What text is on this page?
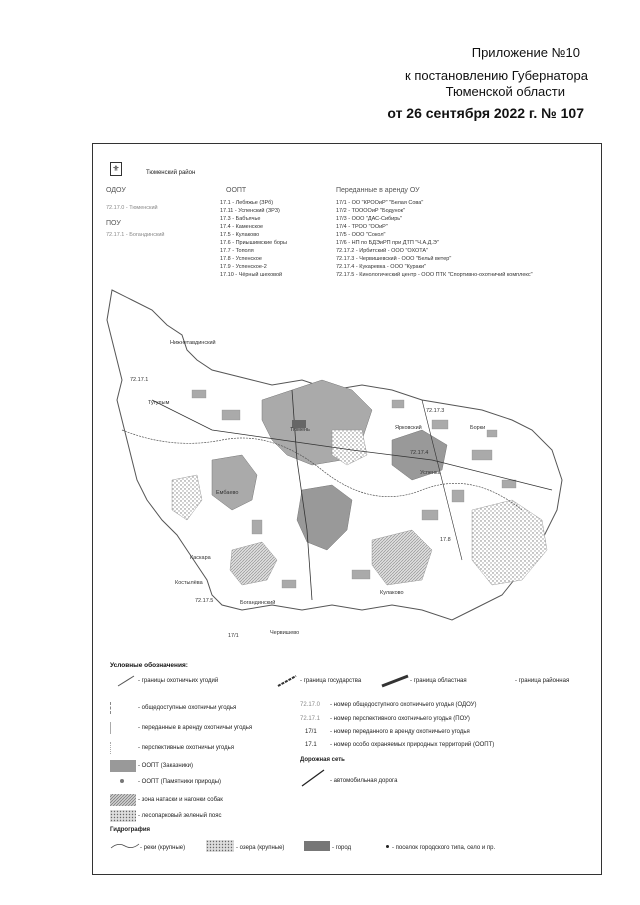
Приложение №10
к постановлению Губернатора
Тюменской области
от 26 сентября 2022 г. № 107
⚜	Тюменский район
ОДОУ
72.17.0 - Тюменский
ПОУ
72.17.1 - Богандинский
ООПТ
17.1 - Лебяжье (ЗРб)
17.11 - Успенский (ЗРЗ)
17.3 - Бабъячье
17.4 - Каменское
17.5 - Кулаково
17.6 - Приышимские боры
17.7 - Тополя
17.8 - Успенское
17.9 - Успенское-2
17.10 - Чёрный шеховой
Переданные в аренду ОУ
17/1 - ОО "КРООиР" "Белая Сова"
17/2 - ТООООиР "Бодунок"
17/3 - ООО "ДАС-Сибирь"
17/4 - ТРОО "ООиР"
17/5 - ООО "Сокол"
17/6 - НП по БДЭиРП при ДТП "Ч.А.Д.Э"
72.17.2 - Ирбитский - ООО "ОХОТА"
72.17.3 - Червишевский - ООО "Бельй ветер"
72.17.4 - Кукаревка - ООО "Кураки"
72.17.5 - Кинологический центр - ООО ПТК "Спортивно-охотничий комплекс"
Тюмень
Нижнетавдинский
Борки
Ярковский
Тугулым
Успенка
Ембаево
Каскара
Костылёва
Богандинский
Кулаково
Червишево
72.17.1
72.17.3
72.17.4
72.17.5
17.8
17/1
Условные обозначения:
- границы охотничьих угодий	- граница государства	- граница областная	- граница районная
- общедоступные охотничьи угодья
- переданные в аренду охотничьи угодья
- перспективные охотничьи угодья
- ООПТ (Заказники)
- ООПТ (Памятники природы)
- зона натаски и нагонки собак
- лесопарковый зеленый пояс
72.17.0 - номер общедоступного охотничьего угодья (ОДОУ)
72.17.1 - номер перспективного охотничьего угодья (ПОУ)
17/1 - номер переданного в аренду охотничьего угодья
17.1 - номер особо охраняемых природных территорий (ООПТ)
Дорожная сеть
- автомобильная дорога
Гидрография
- реки (крупные)	- озера (крупные)	- город	- поселок городского типа, село и пр.
